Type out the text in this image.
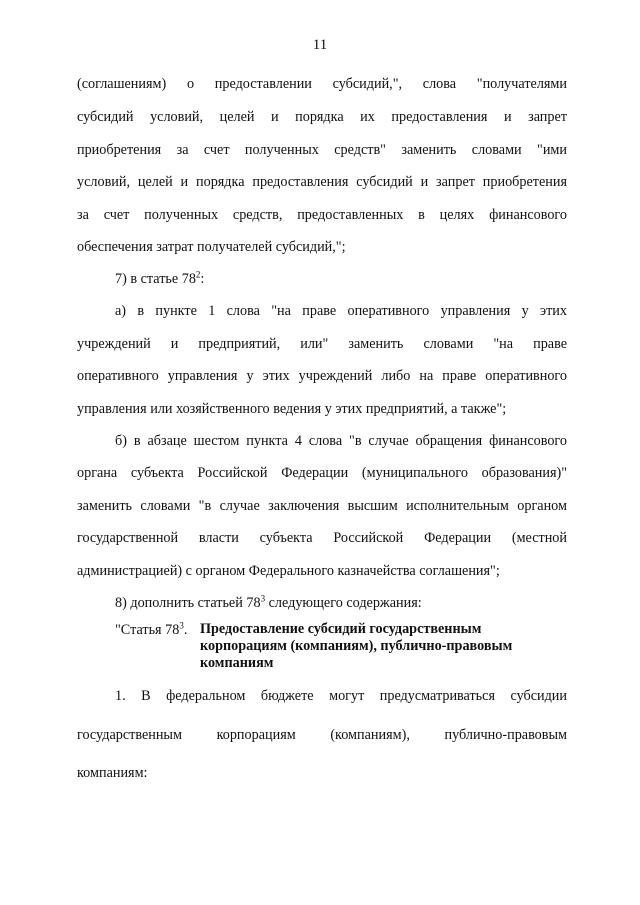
11
(соглашениям) о предоставлении субсидий,", слова "получателями
субсидий условий, целей и порядка их предоставления и запрет
приобретения за счет полученных средств" заменить словами "ими
условий, целей и порядка предоставления субсидий и запрет приобретения
за счет полученных средств, предоставленных в целях финансового
обеспечения затрат получателей субсидий,";
7) в статье $78^2$:
а) в пункте 1 слова "на праве оперативного управления у этих
учреждений и предприятий, или" заменить словами "на праве
оперативного управления у этих учреждений либо на праве оперативного
управления или хозяйственного ведения у этих предприятий, а также";
б) в абзаце шестом пункта 4 слова "в случае обращения финансового
органа субъекта Российской Федерации (муниципального образования)"
заменить словами "в случае заключения высшим исполнительным органом
государственной власти субъекта Российской Федерации (местной
администрацией) с органом Федерального казначейства соглашения";
8) дополнить статьей $78^3$ следующего содержания:
"Статья $78^3$. Предоставление субсидий государственным
корпорациям (компаниям), публично-правовым
компаниям
1. В федеральном бюджете могут предусматриваться субсидии
государственным корпорациям (компаниям), публично-правовым
компаниям:
